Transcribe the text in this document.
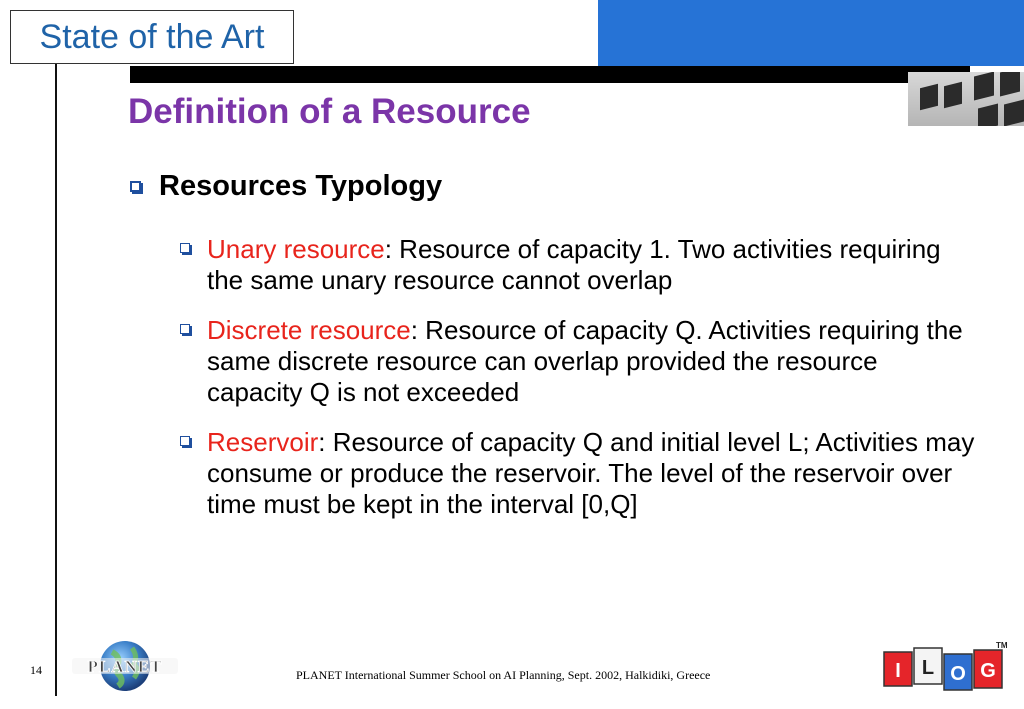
State of the Art
Definition of a Resource
Resources Typology
Unary resource: Resource of capacity 1. Two activities requiring the same unary resource cannot overlap
Discrete resource: Resource of capacity Q. Activities requiring the same discrete resource can overlap provided the resource capacity Q is not exceeded
Reservoir: Resource of capacity Q and initial level L; Activities may consume or produce the reservoir. The level of the reservoir over time must be kept in the interval [0,Q]
14	PLANET	PLANET International Summer School on AI Planning, Sept. 2002, Halkidiki, Greece	I L O G
TM
